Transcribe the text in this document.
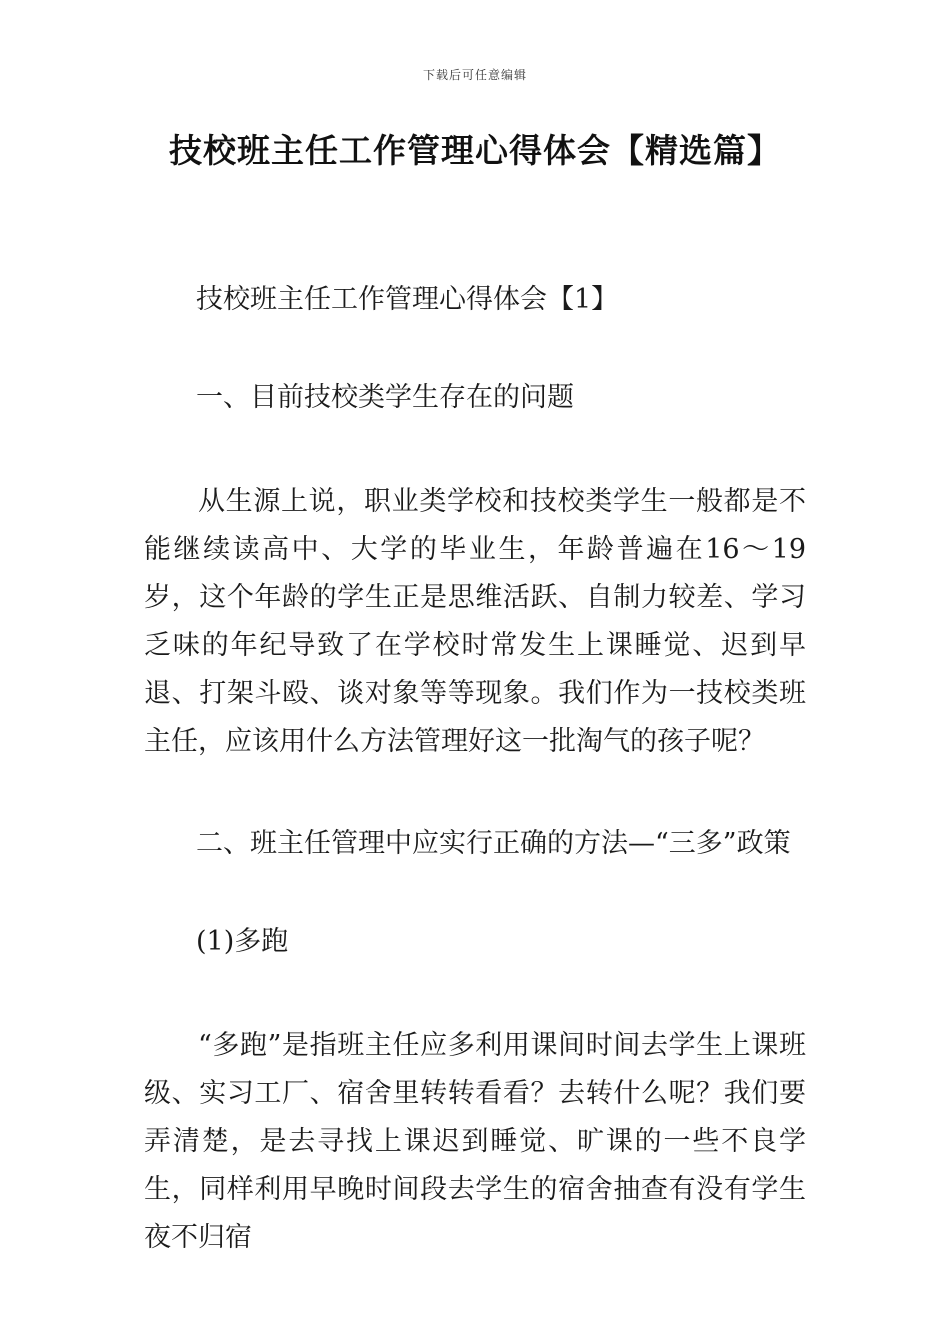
下载后可任意编辑
技校班主任工作管理心得体会【精选篇】

技校班主任工作管理心得体会【1】

一、目前技校类学生存在的问题

从生源上说，职业类学校和技校类学生一般都是不能继续读高中、大学的毕业生，年龄普遍在16～19岁，这个年龄的学生正是思维活跃、自制力较差、学习乏味的年纪导致了在学校时常发生上课睡觉、迟到早退、打架斗殴、谈对象等等现象。我们作为一技校类班主任，应该用什么方法管理好这一批淘气的孩子呢？

二、班主任管理中应实行正确的方法—“三多”政策

(1)多跑

“多跑”是指班主任应多利用课间时间去学生上课班级、实习工厂、宿舍里转转看看？去转什么呢？我们要弄清楚，是去寻找上课迟到睡觉、旷课的一些不良学生，同样利用早晚时间段去学生的宿舍抽查有没有学生夜不归宿
